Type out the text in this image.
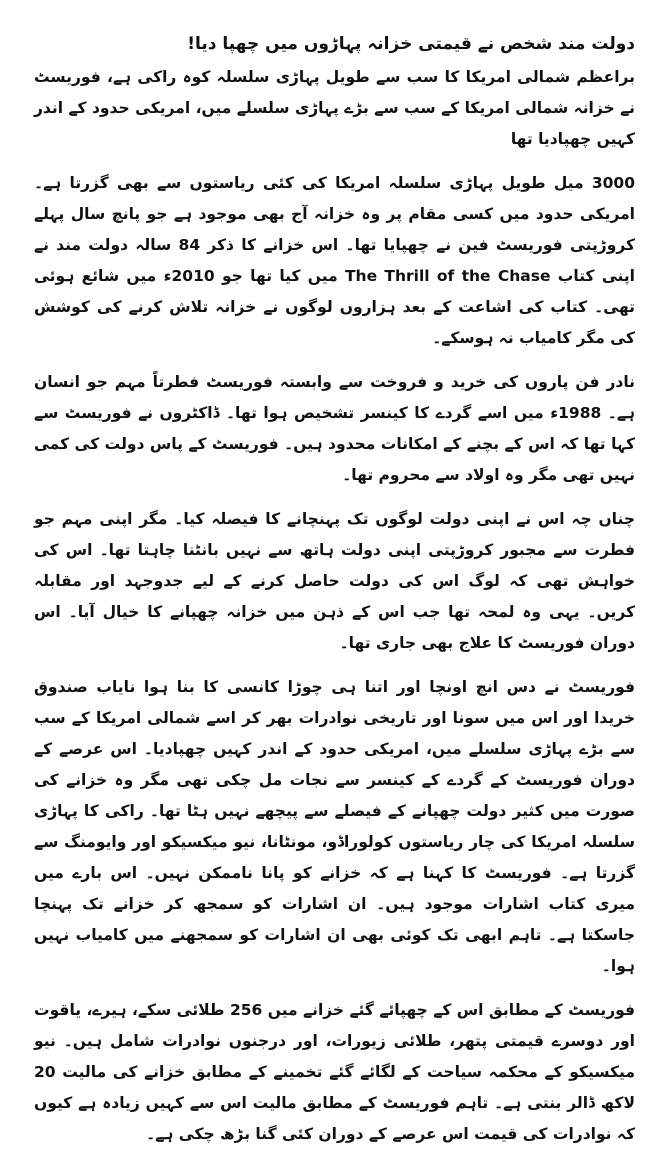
دولت مند شخص نے قیمتی خزانہ پہاڑوں میں چھپا دیا!

براعظم شمالی امریکا کا سب سے طویل پہاڑی سلسلہ کوہ راکی ہے، فوریسٹ نے خزانہ شمالی امریکا کے سب سے بڑے پہاڑی سلسلے میں، امریکی حدود کے اندر کہیں چھپادیا تھا

3000 میل طویل پہاڑی سلسلہ امریکا کی کئی ریاستوں سے بھی گزرتا ہے۔ امریکی حدود میں کسی مقام پر وہ خزانہ آج بھی موجود ہے جو پانچ سال پہلے کروڑپتی فوریسٹ فین نے چھپایا تھا۔ اس خزانے کا ذکر 84 سالہ دولت مند نے اپنی کتاب The Thrill of the Chase میں کیا تھا جو 2010ء میں شائع ہوئی تھی۔ کتاب کی اشاعت کے بعد ہزاروں لوگوں نے خزانہ تلاش کرنے کی کوشش کی مگر کامیاب نہ ہوسکے۔

نادر فن پاروں کی خرید و فروخت سے وابستہ فوریسٹ فطرتاً مہم جو انسان ہے۔ 1988ء میں اسے گردے کا کینسر تشخیص ہوا تھا۔ ڈاکٹروں نے فوریسٹ سے کہا تھا کہ اس کے بچنے کے امکانات محدود ہیں۔ فوریسٹ کے پاس دولت کی کمی نہیں تھی مگر وہ اولاد سے محروم تھا۔

چناں چہ اس نے اپنی دولت لوگوں تک پہنچانے کا فیصلہ کیا۔ مگر اپنی مہم جو فطرت سے مجبور کروڑپتی اپنی دولت ہاتھ سے نہیں بانٹنا چاہتا تھا۔ اس کی خواہش تھی کہ لوگ اس کی دولت حاصل کرنے کے لیے جدوجہد اور مقابلہ کریں۔ یہی وہ لمحہ تھا جب اس کے ذہن میں خزانہ چھپانے کا خیال آیا۔ اس دوران فوریسٹ کا علاج بھی جاری تھا۔

فوریسٹ نے دس انچ اونچا اور اتنا ہی چوڑا کانسی کا بنا ہوا نایاب صندوق خریدا اور اس میں سونا اور تاریخی نوادرات بھر کر اسے شمالی امریکا کے سب سے بڑے پہاڑی سلسلے میں، امریکی حدود کے اندر کہیں چھپادیا۔ اس عرصے کے دوران فوریسٹ کے گردے کے کینسر سے نجات مل چکی تھی مگر وہ خزانے کی صورت میں کثیر دولت چھپانے کے فیصلے سے پیچھے نہیں ہٹا تھا۔ راکی کا پہاڑی سلسلہ امریکا کی چار ریاستوں کولوراڈو، مونٹانا، نیو میکسیکو اور وایومنگ سے گزرتا ہے۔ فوریسٹ کا کہنا ہے کہ خزانے کو پانا ناممکن نہیں۔ اس بارے میں میری کتاب اشارات موجود ہیں۔ ان اشارات کو سمجھ کر خزانے تک پہنچا جاسکتا ہے۔ تاہم ابھی تک کوئی بھی ان اشارات کو سمجھنے میں کامیاب نہیں ہوا۔

فوریسٹ کے مطابق اس کے چھپائے گئے خزانے میں 256 طلائی سکے، ہیرے، یاقوت اور دوسرے قیمتی پتھر، طلائی زیورات، اور درجنوں نوادرات شامل ہیں۔ نیو میکسیکو کے محکمہ سیاحت کے لگائے گئے تخمینے کے مطابق خزانے کی مالیت 20 لاکھ ڈالر بنتی ہے۔ تاہم فوریسٹ کے مطابق مالیت اس سے کہیں زیادہ ہے کیوں کہ نوادرات کی قیمت اس عرصے کے دوران کئی گنا بڑھ چکی ہے۔
